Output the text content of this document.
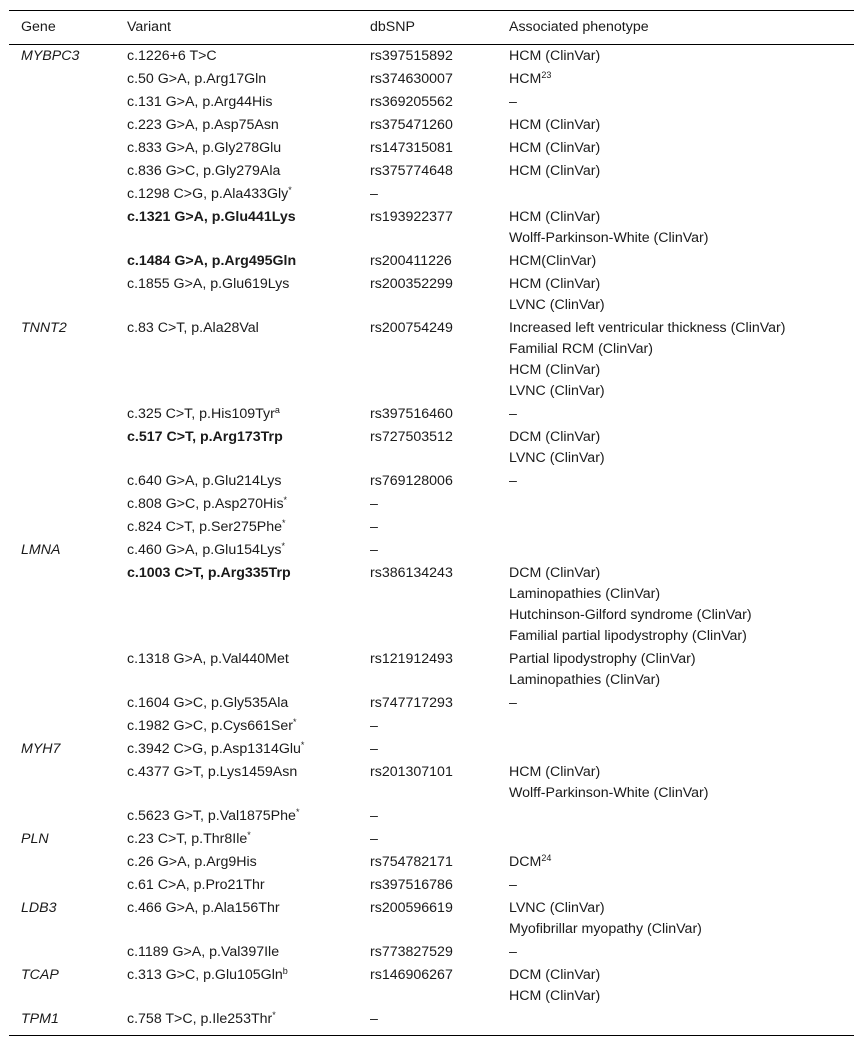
Gene	Variant	dbSNP	Associated phenotype
MYBPC3	c.1226+6 T>C	rs397515892	HCM (ClinVar)

	c.50 G>A, p.Arg17Gln	rs374630007	HCM$^{23}$

	c.131 G>A, p.Arg44His	rs369205562	–

	c.223 G>A, p.Asp75Asn	rs375471260	HCM (ClinVar)

	c.833 G>A, p.Gly278Glu	rs147315081	HCM (ClinVar)

	c.836 G>C, p.Gly279Ala	rs375774648	HCM (ClinVar)

	c.1298 C>G, p.Ala433Gly*	–	
	c.1321 G>A, p.Glu441Lys	rs193922377	HCM (ClinVar)
Wolff-Parkinson-White (ClinVar)

	c.1484 G>A, p.Arg495Gln	rs200411226	HCM(ClinVar)

	c.1855 G>A, p.Glu619Lys	rs200352299	HCM (ClinVar)
LVNC (ClinVar)

TNNT2	c.83 C>T, p.Ala28Val	rs200754249	Increased left ventricular thickness (ClinVar)
Familial RCM (ClinVar)
HCM (ClinVar)
LVNC (ClinVar)

	c.325 C>T, p.His109Tyr$^a$	rs397516460	–

	c.517 C>T, p.Arg173Trp	rs727503512	DCM (ClinVar)
LVNC (ClinVar)

	c.640 G>A, p.Glu214Lys	rs769128006	–

	c.808 G>C, p.Asp270His*	–	
	c.824 C>T, p.Ser275Phe*	–	
LMNA	c.460 G>A, p.Glu154Lys*	–	
	c.1003 C>T, p.Arg335Trp	rs386134243	DCM (ClinVar)
Laminopathies (ClinVar)
Hutchinson-Gilford syndrome (ClinVar)
Familial partial lipodystrophy (ClinVar)

	c.1318 G>A, p.Val440Met	rs121912493	Partial lipodystrophy (ClinVar)
Laminopathies (ClinVar)

	c.1604 G>C, p.Gly535Ala	rs747717293	–

	c.1982 G>C, p.Cys661Ser*	–	
MYH7	c.3942 C>G, p.Asp1314Glu*	–	
	c.4377 G>T, p.Lys1459Asn	rs201307101	HCM (ClinVar)
Wolff-Parkinson-White (ClinVar)

	c.5623 G>T, p.Val1875Phe*	–	
PLN	c.23 C>T, p.Thr8Ile*	–	
	c.26 G>A, p.Arg9His	rs754782171	DCM$^{24}$

	c.61 C>A, p.Pro21Thr	rs397516786	–

LDB3	c.466 G>A, p.Ala156Thr	rs200596619	LVNC (ClinVar)
Myofibrillar myopathy (ClinVar)

	c.1189 G>A, p.Val397Ile	rs773827529	–

TCAP	c.313 G>C, p.Glu105Gln$^b$	rs146906267	DCM (ClinVar)
HCM (ClinVar)

TPM1	c.758 T>C, p.Ile253Thr*	–	
